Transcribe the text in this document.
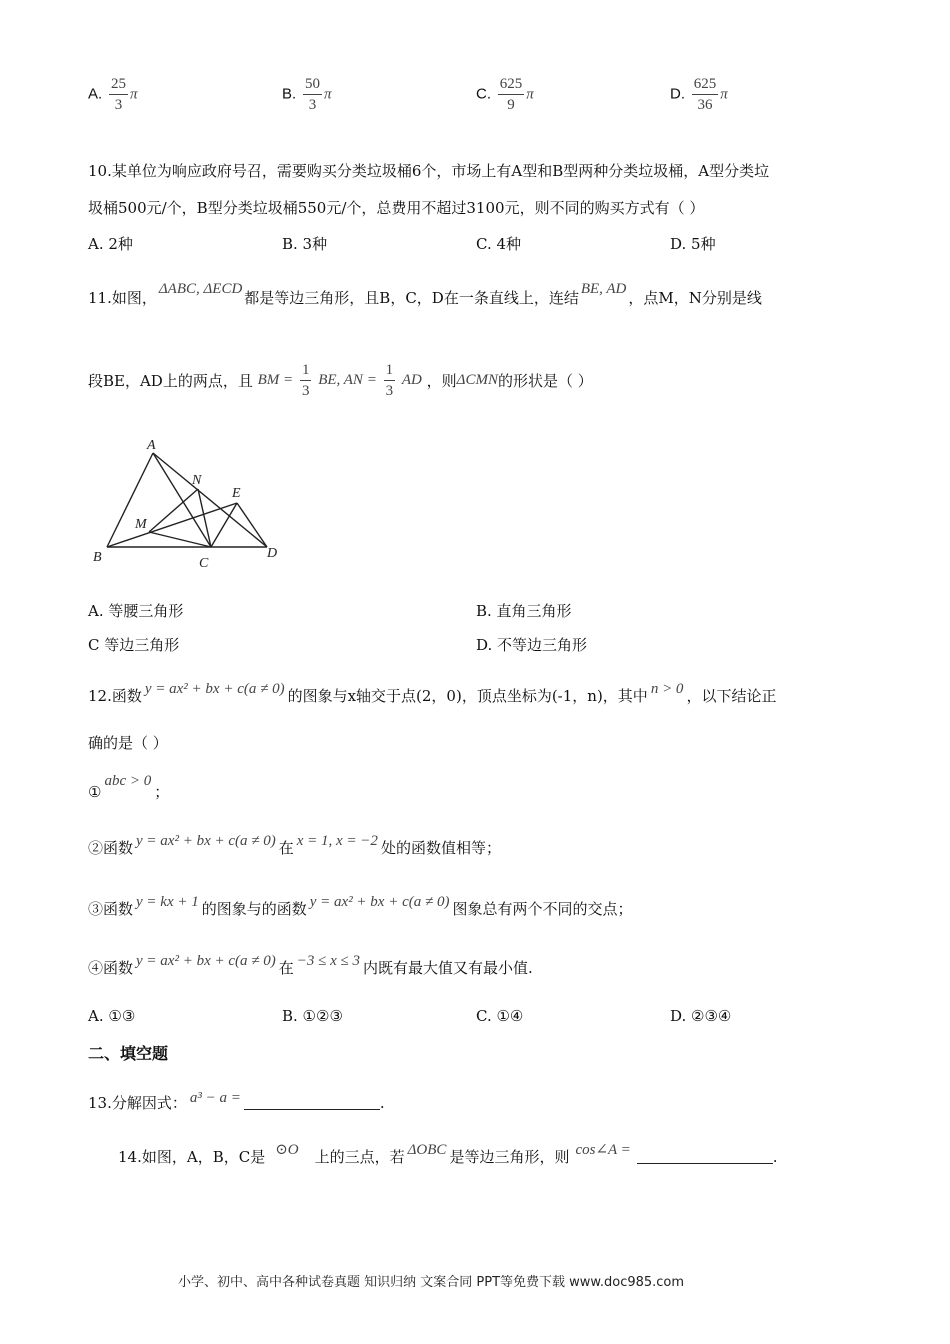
A. $\frac{25}{3}$ π	B. $\frac{50}{3}$ π	C. $\frac{625}{9}$ π	D. $\frac{625}{36}$ π
10.某单位为响应政府号召，需要购买分类垃圾桶6个，市场上有A型和B型两种分类垃圾桶，A型分类垃
圾桶500元/个，B型分类垃圾桶550元/个，总费用不超过3100元，则不同的购买方式有（ ）
A. 2种	B. 3种	C. 4种	D. 5种
11.如图， ΔABC, ΔECD 都是等边三角形，且B，C，D在一条直线上，连结 BE, AD ，点M，N分别是线
段BE，AD上的两点，且 BM = $\frac{1}{3}$ BE, AN = $\frac{1}{3}$ AD ，则ΔCMN的形状是（ ）
A
B	C
D
E
M
N
A. 等腰三角形	B. 直角三角形
C 等边三角形	D. 不等边三角形
12.函数 y = ax² + bx + c(a ≠ 0) 的图象与x轴交于点(2，0)，顶点坐标为(-1，n)，其中 n > 0 ，以下结论正
确的是（ ）
①abc > 0；
②函数 y = ax² + bx + c(a ≠ 0) 在 x = 1, x = −2 处的函数值相等；
③函数 y = kx + 1 的图象与的函数 y = ax² + bx + c(a ≠ 0) 图象总有两个不同的交点；
④函数 y = ax² + bx + c(a ≠ 0) 在 −3 ≤ x ≤ 3 内既有最大值又有最小值.
A. ①③	B. ①②③	C. ①④	D. ②③④
二、填空题
13.分解因式： a³ − a =	.
14.如图，A，B，C是 ⊙O 上的三点，若 ΔOBC 是等边三角形，则 cos∠A =	.
小学、初中、高中各种试卷真题 知识归纳 文案合同 PPT等免费下载 www.doc985.com
